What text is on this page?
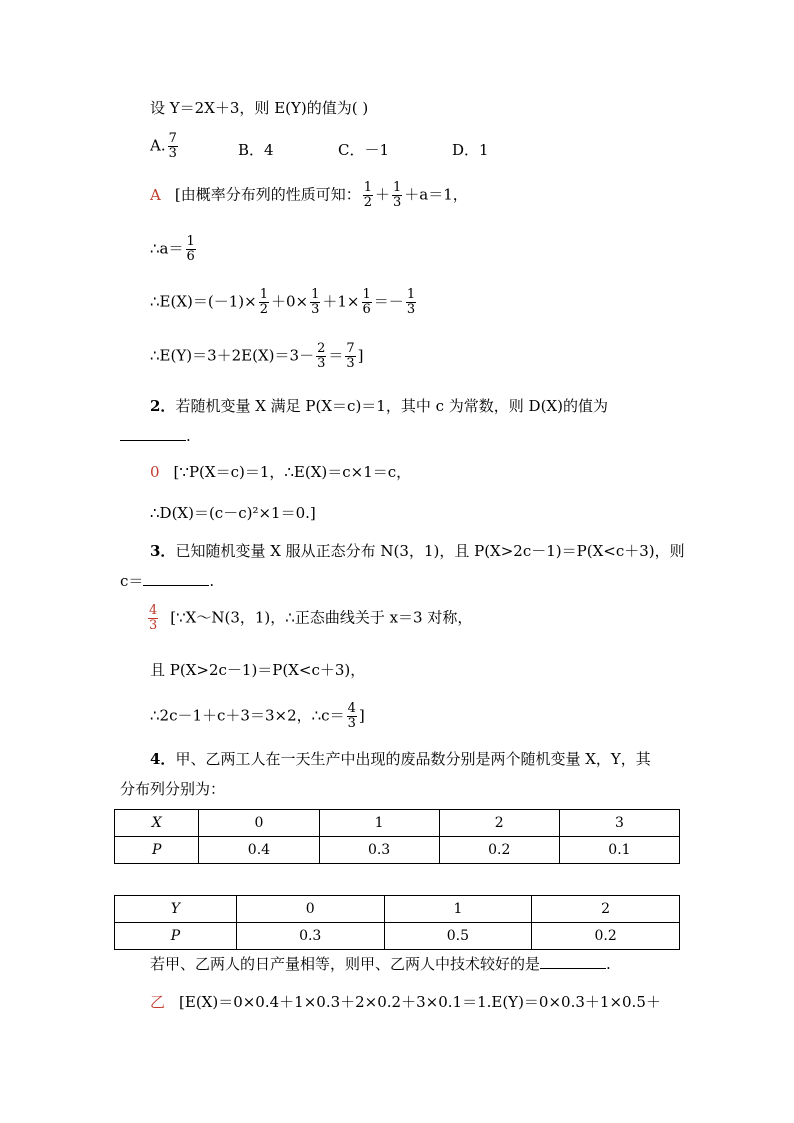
设 Y＝2X＋3，则 E(Y)的值为( )
A. $\frac{7}{3}$	B．4	C．－1	D．1
A [由概率分布列的性质可知： $\frac{1}{2} + \frac{1}{3} +a=1$，
∴a＝ $\frac{1}{6}$
∴E(X)＝(－1)× $\frac{1}{2} +0\times \frac{1}{3} +1\times \frac{1}{6} =- \frac{1}{3}$
∴E(Y)＝3＋2E(X)＝3－ $\frac{2}{3} = \frac{7}{3}$ ]
2．若随机变量 X 满足 P(X＝c)＝1，其中 c 为常数，则 D(X)的值为
.
0 [∵P(X＝c)＝1，∴E(X)＝c×1＝c，
∴D(X)＝(c－c)²×1＝0.]
3．已知随机变量 X 服从正态分布 N(3，1)，且 P(X>2c－1)＝P(X<c＋3)，则
c＝	.
$\frac{4}{3}$ [∵X～N(3，1)，∴正态曲线关于 x＝3 对称，
且 P(X>2c－1)＝P(X<c＋3)，
∴2c－1＋c＋3＝3×2，∴c＝ $\frac{4}{3}$ ]
4．甲、乙两工人在一天生产中出现的废品数分别是两个随机变量 X，Y，其
分布列分别为：
X	0	1	2	3
P	0.4	0.3	0.2	0.1
Y	0	1	2
P	0.3	0.5	0.2
若甲、乙两人的日产量相等，则甲、乙两人中技术较好的是	.
乙 [E(X)＝0×0.4＋1×0.3＋2×0.2＋3×0.1＝1.E(Y)＝0×0.3＋1×0.5＋
